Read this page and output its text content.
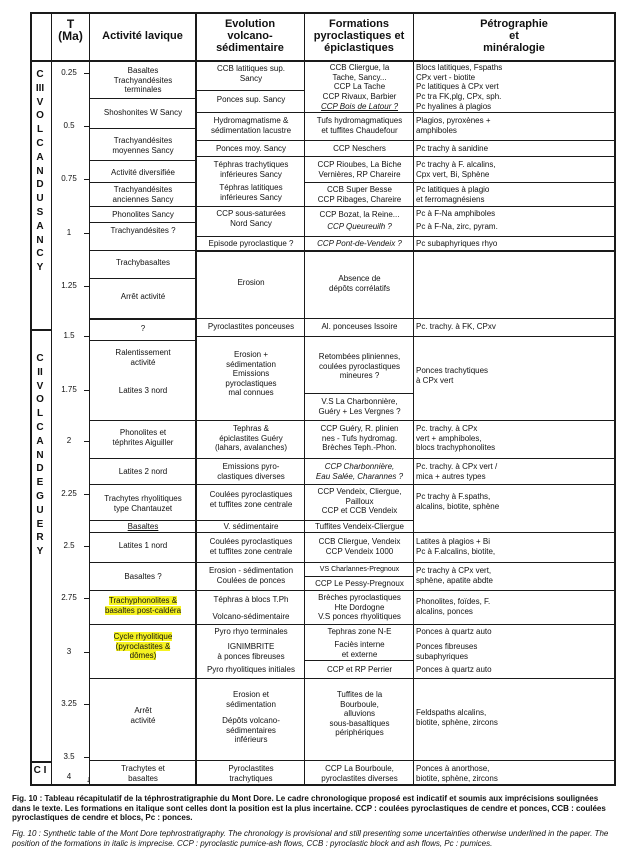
T
(Ma)	Activité lavique
Evolution
volcano-
sédimentaire
Formations
pyroclastiques et
épiclastiques
Pétrographie
et
minéralogie
C
III
V
O
L
C
A
N
D
U
S
A
N
C
Y
C
II
V
O
L
C
A
N
D
E
G
U
E
R
Y
C I
0.25
0.5
0.75
1
1.25
1.5
1.75
2
2.25
2.5
2.75
3
3.25
3.5
4	↓
Basaltes
Trachyandésites
terminales
Shoshonites W Sancy
Trachyandésites
moyennes Sancy
Activité diversifiée
Trachyandésites
anciennes Sancy
Phonolites Sancy
Trachyandésites ?
Trachybasaltes
Arrêt activité
?
Ralentissement
activité
Latites 3 nord
Phonolites et
téphrites Aiguiller
Latites 2 nord
Trachytes rhyolitiques
type Chantauzet
Basaltes
Latites 1 nord
Basaltes ?
Trachyphonolites &
basaltes post-caldéra
Cycle rhyolitique
(pyroclastites &
dômes)
Arrêt
activité
Trachytes et
basaltes
CCB latitiques sup.
Sancy
Ponces sup. Sancy
Hydromagmatisme &
sédimentation lacustre
Ponces moy. Sancy
Téphras trachytiques
inférieures Sancy
Téphras latitiques
inférieures Sancy
CCP sous-saturées
Nord Sancy
Episode pyroclastique ?
Erosion
Pyroclastites ponceuses
Erosion +
sédimentation
Emissions
pyroclastiques
mal connues
Tephras &
épiclastites Guéry
(lahars, avalanches)
Emissions pyro-
clastiques diverses
Coulées pyroclastiques
et tuffites zone centrale
V. sédimentaire
Coulées pyroclastiques
et tuffites zone centrale
Erosion - sédimentation
Coulées de ponces
Téphras à blocs T.Ph
Volcano-sédimentaire
Pyro rhyo terminales
IGNIMBRITE
à ponces fibreuses
Pyro rhyolitiques initiales
Erosion et
sédimentation
Dépôts volcano-
sédimentaires
inférieurs
Pyroclastites
trachytiques
CCB Cliergue, la
Tache, Sancy...
CCP La Tache
CCP Rivaux, Barbier
CCP Bois de Latour ?
Tufs hydromagmatiques
et tuffites Chaudefour
CCP Neschers
CCP Rioubes, La Biche
Vernières, RP Chareire
CCB Super Besse
CCP Ribages, Chareire
CCP Bozat, la Reine...
CCP Queureuilh ?
CCP Pont-de-Vendeix ?
Absence de
dépôts corrélatifs
Al. ponceuses Issoire
Retombées pliniennes,
coulées pyroclastiques
mineures ?
V.S La Charbonnière,
Guéry + Les Vergnes ?
CCP Guéry, R. plinien
nes - Tufs hydromag.
Brèches Teph.-Phon.
CCP Charbonnière,
Eau Salée, Charannes ?
CCP Vendeix, Cliergue,
Pailloux
CCP et CCB Vendeix
Tuffites Vendeix-Cliergue
CCB Cliergue, Vendeix
CCP Vendeix 1000
VS Charlannes-Pregnoux
CCP Le Pessy-Pregnoux
Brèches pyroclastiques
Hte Dordogne
V.S ponces rhyolitiques
Tephras zone N-E
Faciès interne
et externe
CCP et RP Perrier
Tuffites de la
Bourboule,
alluvions
sous-basaltiques
périphériques
CCP La Bourboule,
pyroclastites diverses
Blocs latitiques, Fspaths
CPx vert - biotite
Pc latitiques à CPx vert
Pc tra FK,plg, CPx, sph.
Pc hyalines à plagios
Plagios, pyroxènes +
amphiboles
Pc trachy à sanidine
Pc trachy à F. alcalins,
Cpx vert, Bi, Sphène
Pc latitiques à plagio
et ferromagnésiens
Pc à F-Na amphiboles
Pc à F-Na, zirc, pyram.
Pc subaphyriques rhyo
Pc. trachy. à FK, CPxv
Ponces trachytiques
à CPx vert
Pc. trachy. à CPx
vert + amphiboles,
blocs trachyphonolites
Pc. trachy. à CPx vert /
mica + autres types
Pc trachy à F.spaths,
alcalins, biotite, sphène
Latites à plagios + Bi
Pc à F.alcalins, biotite,
Pc trachy à CPx vert,
sphène, apatite abdte
Phonolites, foïdes, F.
alcalins, ponces
Ponces à quartz auto
Ponces fibreuses
subaphyriques
Ponces à quartz auto
Feldspaths alcalins,
biotite, sphène, zircons
Ponces à anorthose,
biotite, sphène, zircons
Fig. 10 : Tableau récapitulatif de la téphrostratigraphie du Mont Dore. Le cadre chronologique proposé est indicatif et soumis aux imprécisions soulignées dans le texte. Les formations en italique sont celles dont la position est la plus incertaine. CCP : coulées pyroclastiques de cendre et ponces, CCB : coulées pyroclastiques de cendre et blocs, Pc : ponces.
Fig. 10 : Synthetic table of the Mont Dore tephrostratigraphy. The chronology is provisional and still presenting some uncertainties otherwise underlined in the paper. The position of the formations in italic is imprecise. CCP : pyroclastic pumice-ash flows, CCB : pyroclastic block and ash flows, Pc : pumices.
